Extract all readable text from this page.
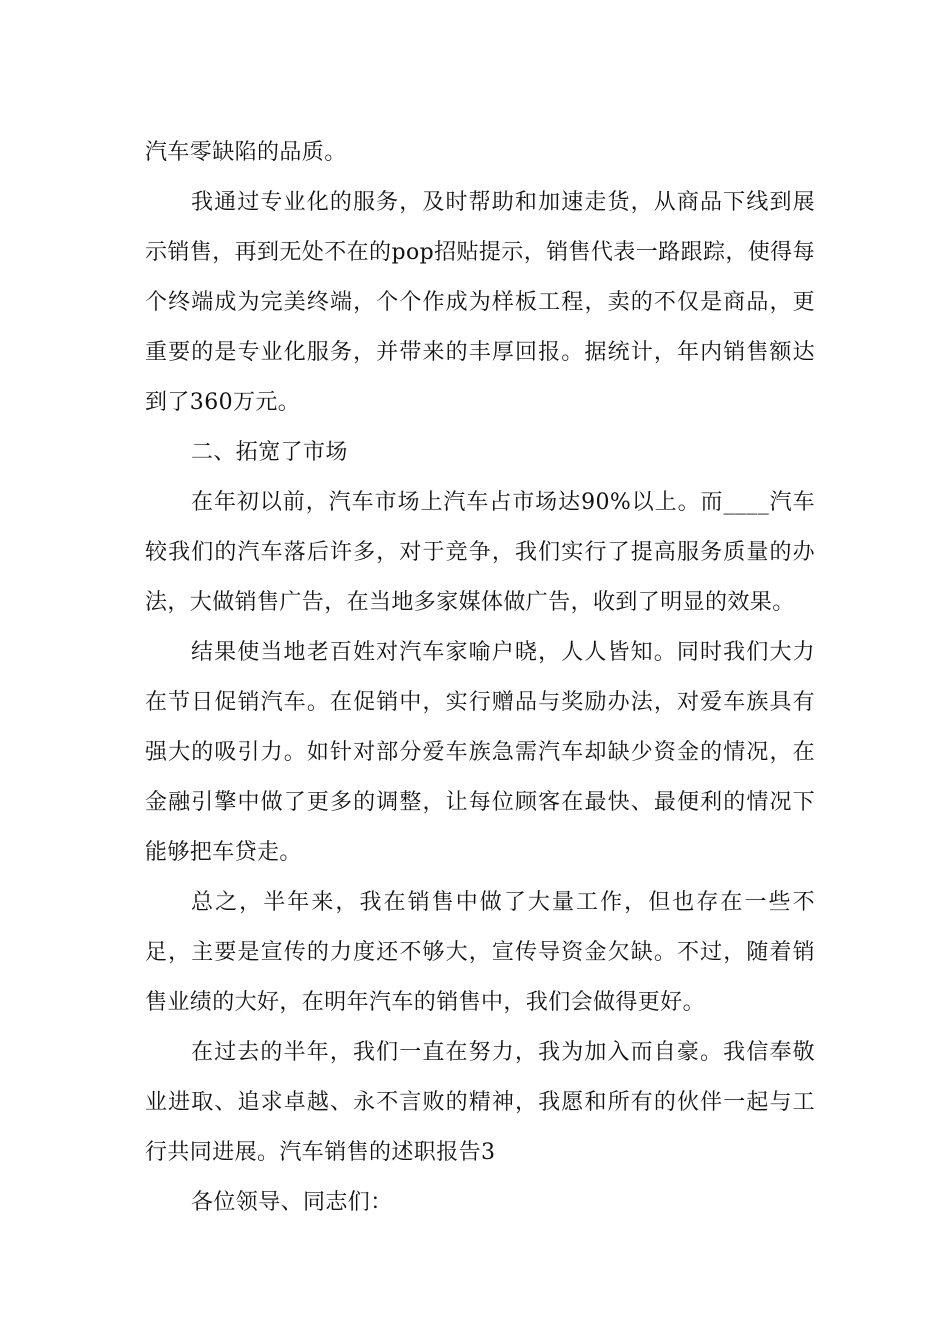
汽车零缺陷的品质。

我通过专业化的服务，及时帮助和加速走货，从商品下线到展示销售，再到无处不在的pop招贴提示，销售代表一路跟踪，使得每个终端成为完美终端，个个作成为样板工程，卖的不仅是商品，更重要的是专业化服务，并带来的丰厚回报。据统计，年内销售额达到了360万元。

二、拓宽了市场

在年初以前，汽车市场上汽车占市场达90%以上。而____汽车较我们的汽车落后许多，对于竞争，我们实行了提高服务质量的办法，大做销售广告，在当地多家媒体做广告，收到了明显的效果。

结果使当地老百姓对汽车家喻户晓，人人皆知。同时我们大力在节日促销汽车。在促销中，实行赠品与奖励办法，对爱车族具有强大的吸引力。如针对部分爱车族急需汽车却缺少资金的情况，在金融引擎中做了更多的调整，让每位顾客在最快、最便利的情况下能够把车贷走。

总之，半年来，我在销售中做了大量工作，但也存在一些不足，主要是宣传的力度还不够大，宣传导资金欠缺。不过，随着销售业绩的大好，在明年汽车的销售中，我们会做得更好。

在过去的半年，我们一直在努力，我为加入而自豪。我信奉敬业进取、追求卓越、永不言败的精神，我愿和所有的伙伴一起与工行共同进展。汽车销售的述职报告3

各位领导、同志们：
